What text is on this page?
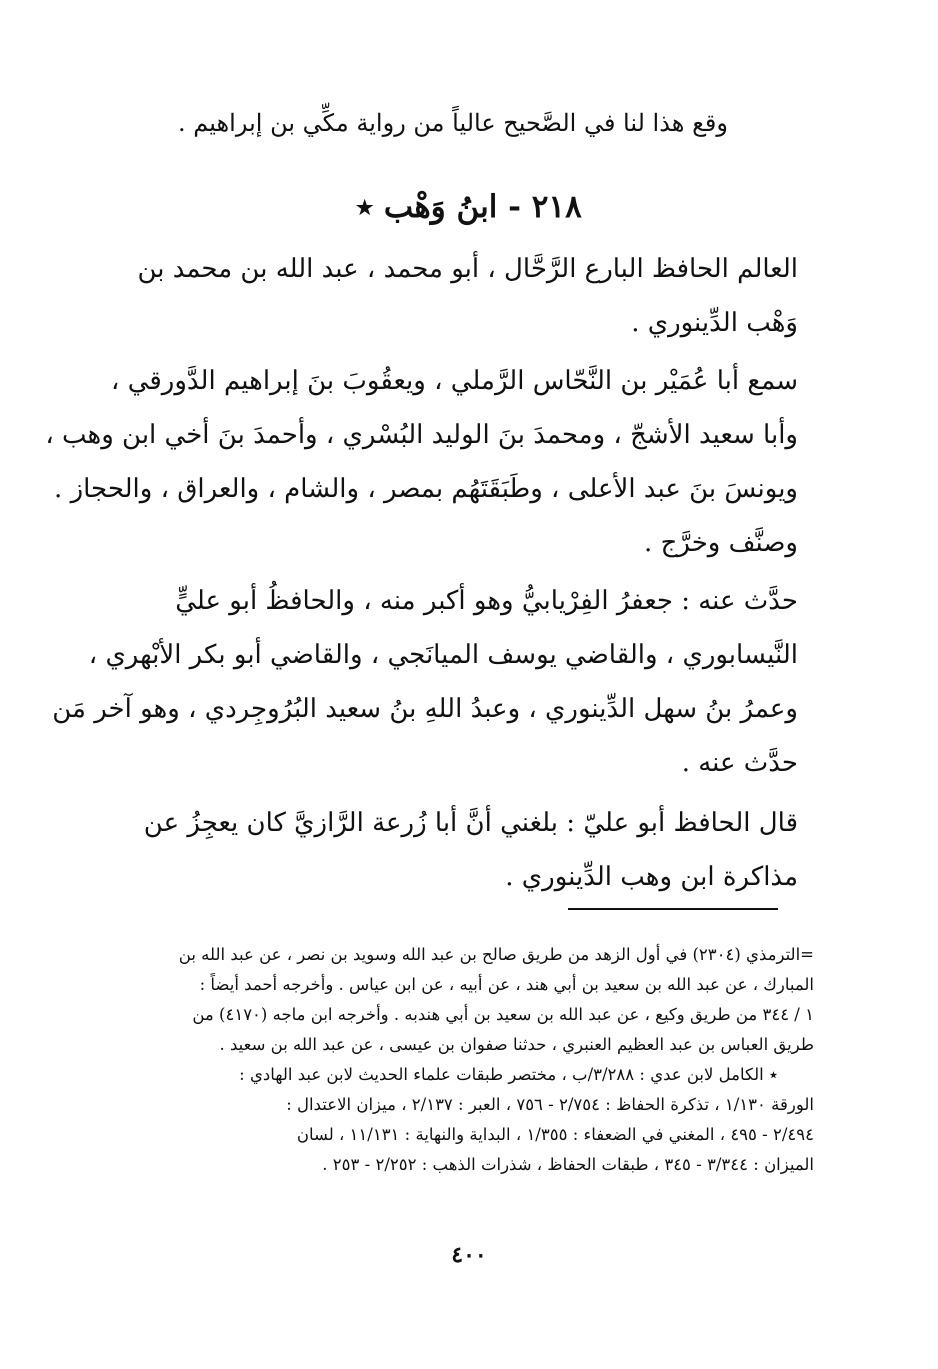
وقع هذا لنا في الصَّحيح عالياً من رواية مكِّي بن إبراهيم .
٢١٨ - ابنُ وَهْب ٭
العالم الحافظ البارع الرَّحَّال ، أبو محمد ، عبد الله بن محمد بن
وَهْب الدِّينوري .
سمع أبا عُمَيْر بن النَّحّاس الرَّملي ، ويعقُوبَ بنَ إبراهيم الدَّورقي ،
وأبا سعيد الأشجّ ، ومحمدَ بنَ الوليد البُسْري ، وأحمدَ بنَ أخي ابن وهب ،
ويونسَ بنَ عبد الأعلى ، وطَبَقَتَهُم بمصر ، والشام ، والعراق ، والحجاز .
وصنَّف وخرَّج .
حدَّث عنه : جعفرُ الفِرْيابيُّ وهو أكبر منه ، والحافظُ أبو عليٍّ
النَّيسابوري ، والقاضي يوسف الميانَجي ، والقاضي أبو بكر الأبْهري ،
وعمرُ بنُ سهل الدِّينوري ، وعبدُ اللهِ بنُ سعيد البُرُوجِردي ، وهو آخر مَن
حدَّث عنه .
قال الحافظ أبو عليّ : بلغني أنَّ أبا زُرعة الرَّازيَّ كان يعجِزُ عن
مذاكرة ابن وهب الدِّينوري .
=الترمذي (٢٣٠٤) في أول الزهد من طريق صالح بن عبد الله وسويد بن نصر ، عن عبد الله بن
المبارك ، عن عبد الله بن سعيد بن أبي هند ، عن أبيه ، عن ابن عياس . وأخرجه أحمد أيضاً :
١ / ٣٤٤ من طريق وكيع ، عن عبد الله بن سعيد بن أبي هندبه . وأخرجه ابن ماجه (٤١٧٠) من
طريق العباس بن عبد العظيم العنبري ، حدثنا صفوان بن عيسى ، عن عبد الله بن سعيد .
٭ الكامل لابن عدي : ٣/٢٨٨/ب ، مختصر طبقات علماء الحديث لابن عبد الهادي :
الورقة ١/١٣٠ ، تذكرة الحفاظ : ٢/٧٥٤ - ٧٥٦ ، العبر : ٢/١٣٧ ، ميزان الاعتدال :
٢/٤٩٤ - ٤٩٥ ، المغني في الضعفاء : ١/٣٥٥ ، البداية والنهاية : ١١/١٣١ ، لسان
الميزان : ٣/٣٤٤ - ٣٤٥ ، طبقات الحفاظ ، شذرات الذهب : ٢/٢٥٢ - ٢٥٣ .
٤٠٠
